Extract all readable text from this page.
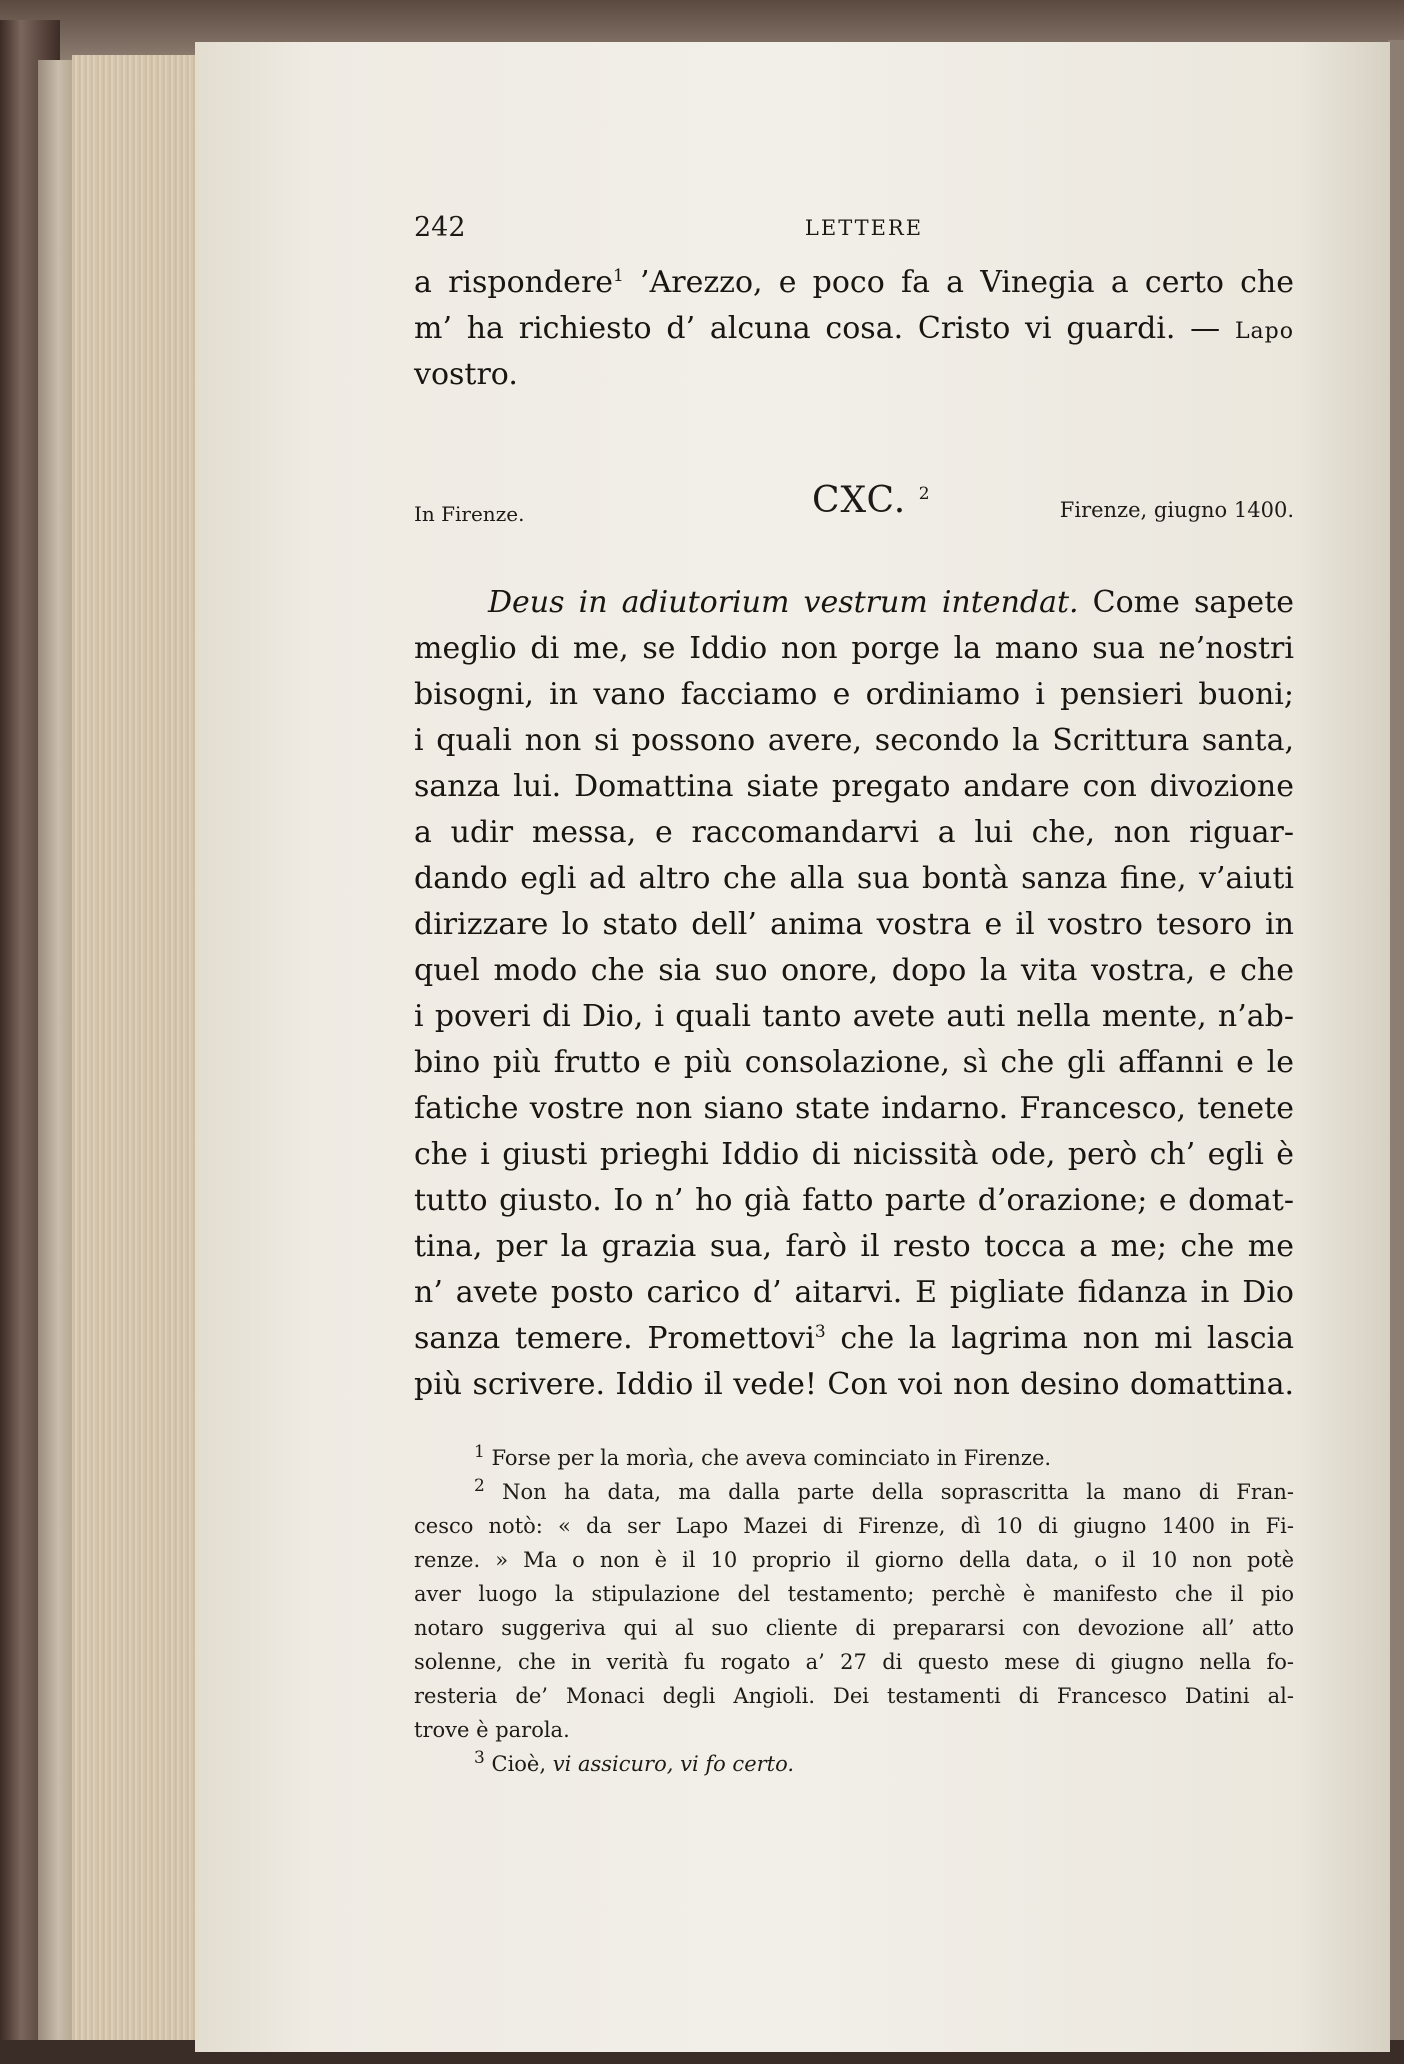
242	LETTERE
a rispondere$^1$ ’Arezzo, e poco fa a Vinegia a certo che
m’ ha richiesto d’ alcuna cosa. Cristo vi guardi. — Lapo
vostro.
In Firenze.	CXC. $^2$
Firenze, giugno 1400.
Deus in adiutorium vestrum intendat. Come sapete
meglio di me, se Iddio non porge la mano sua ne’nostri
bisogni, in vano facciamo e ordiniamo i pensieri buoni;
i quali non si possono avere, secondo la Scrittura santa,
sanza lui. Domattina siate pregato andare con divozione
a udir messa, e raccomandarvi a lui che, non riguar-
dando egli ad altro che alla sua bontà sanza fine, v’aiuti
dirizzare lo stato dell’ anima vostra e il vostro tesoro in
quel modo che sia suo onore, dopo la vita vostra, e che
i poveri di Dio, i quali tanto avete auti nella mente, n’ab-
bino più frutto e più consolazione, sì che gli affanni e le
fatiche vostre non siano state indarno. Francesco, tenete
che i giusti prieghi Iddio di nicissità ode, però ch’ egli è
tutto giusto. Io n’ ho già fatto parte d’orazione; e domat-
tina, per la grazia sua, farò il resto tocca a me; che me
n’ avete posto carico d’ aitarvi. E pigliate fidanza in Dio
sanza temere. Promettovi$^3$ che la lagrima non mi lascia
più scrivere. Iddio il vede! Con voi non desino domattina.
$^1$ Forse per la morìa, che aveva cominciato in Firenze.
$^2$ Non ha data, ma dalla parte della soprascritta la mano di Fran-
cesco notò: « da ser Lapo Mazei di Firenze, dì 10 di giugno 1400 in Fi-
renze. » Ma o non è il 10 proprio il giorno della data, o il 10 non potè
aver luogo la stipulazione del testamento; perchè è manifesto che il pio
notaro suggeriva qui al suo cliente di prepararsi con devozione all’ atto
solenne, che in verità fu rogato a’ 27 di questo mese di giugno nella fo-
resteria de’ Monaci degli Angioli. Dei testamenti di Francesco Datini al-
trove è parola.
$^3$ Cioè, vi assicuro, vi fo certo.
